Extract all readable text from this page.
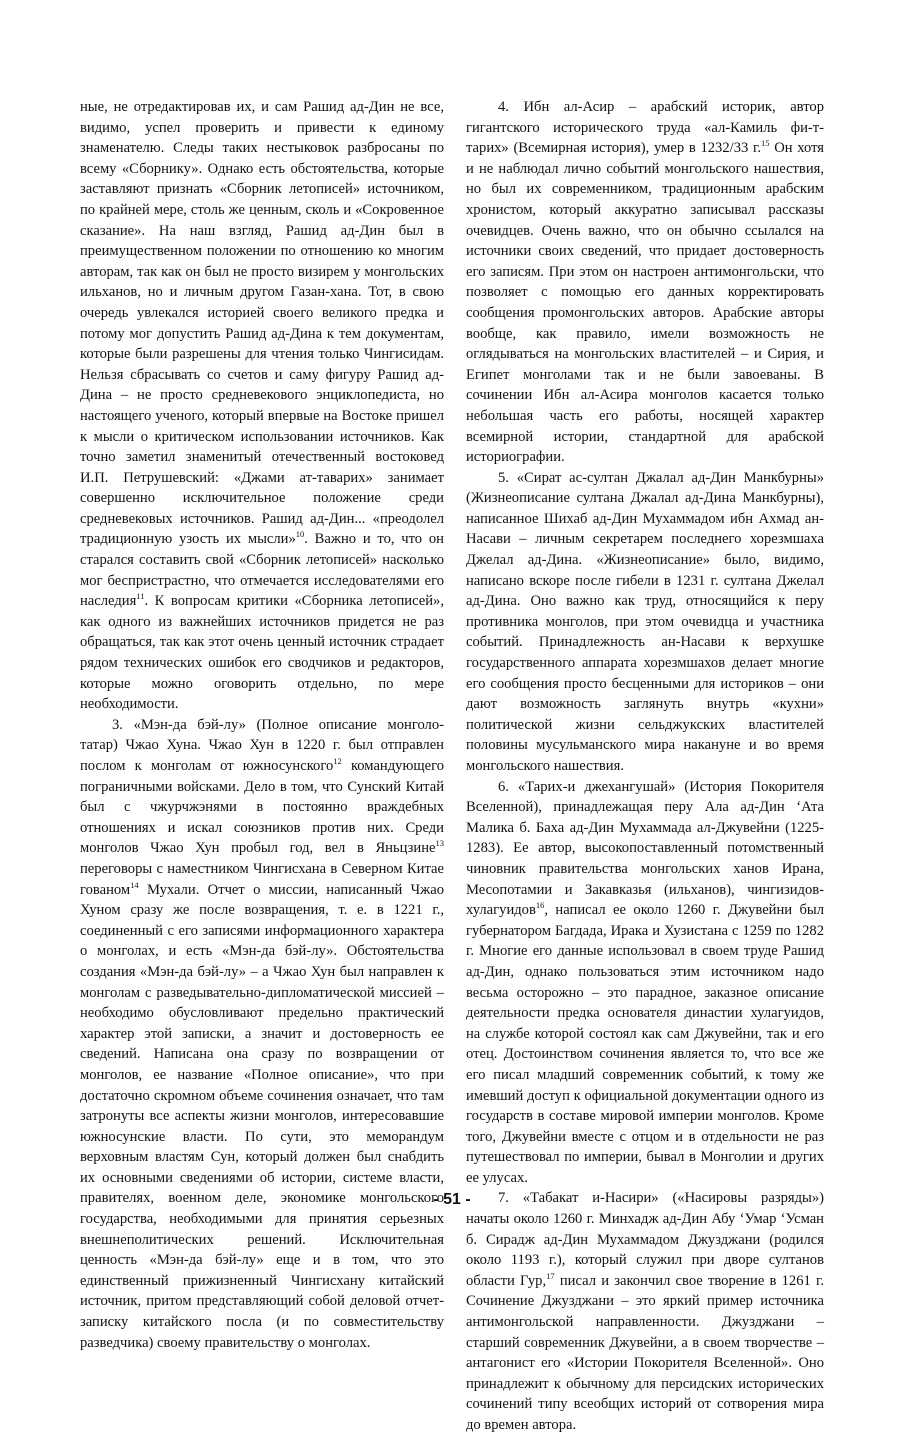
ные, не отредактировав их, и сам Рашид ад-Дин не все, видимо, успел проверить и привести к единому знаменателю. Следы таких нестыковок разбросаны по всему «Сборнику». Однако есть обстоятельства, которые заставляют признать «Сборник летописей» источником, по крайней мере, столь же ценным, сколь и «Сокровенное сказание». На наш взгляд, Рашид ад-Дин был в преимущественном положении по отношению ко многим авторам, так как он был не просто визирем у монгольских ильханов, но и личным другом Газан-хана. Тот, в свою очередь увлекался историей своего великого предка и потому мог допустить Рашид ад-Дина к тем документам, которые были разрешены для чтения только Чингисидам. Нельзя сбрасывать со счетов и саму фигуру Рашид ад-Дина – не просто средневекового энциклопедиста, но настоящего ученого, который впервые на Востоке пришел к мысли о критическом использовании источников. Как точно заметил знаменитый отечественный востоковед И.П. Петрушевский: «Джами ат-таварих» занимает совершенно исключительное положение среди средневековых источников. Рашид ад-Дин... «преодолел традиционную узость их мысли»$^{10}$. Важно и то, что он старался составить свой «Сборник летописей» насколько мог беспристрастно, что отмечается исследователями его наследия$^{11}$. К вопросам критики «Сборника летописей», как одного из важнейших источников придется не раз обращаться, так как этот очень ценный источник страдает рядом технических ошибок его сводчиков и редакторов, которые можно оговорить отдельно, по мере необходимости.

3. «Мэн-да бэй-лу» (Полное описание монголо-татар) Чжао Хуна. Чжао Хун в 1220 г. был отправлен послом к монголам от южносунского$^{12}$ командующего пограничными войсками. Дело в том, что Сунский Китай был с чжурчжэнями в постоянно враждебных отношениях и искал союзников против них. Среди монголов Чжао Хун пробыл год, вел в Яньцзине$^{13}$ переговоры с наместником Чингисхана в Северном Китае гованом$^{14}$ Мухали. Отчет о миссии, написанный Чжао Хуном сразу же после возвращения, т. е. в 1221 г., соединенный с его записями информационного характера о монголах, и есть «Мэн-да бэй-лу». Обстоятельства создания «Мэн-да бэй-лу» – а Чжао Хун был направлен к монголам с разведывательно-дипломатической миссией – необходимо обусловливают предельно практический характер этой записки, а значит и достоверность ее сведений. Написана она сразу по возвращении от монголов, ее название «Полное описание», что при достаточно скромном объеме сочинения означает, что там затронуты все аспекты жизни монголов, интересовавшие южносунские власти. По сути, это меморандум верховным властям Сун, который должен был снабдить их основными сведениями об истории, системе власти, правителях, военном деле, экономике монгольского государства, необходимыми для принятия серьезных внешнеполитических решений. Исключительная ценность «Мэн-да бэй-лу» еще и в том, что это единственный прижизненный Чингисхану китайский источник, притом представляющий собой деловой отчет-записку китайского посла (и по совместительству разведчика) своему правительству о монголах.

4. Ибн ал-Асир – арабский историк, автор гигантского исторического труда «ал-Камиль фи-т-тарих» (Всемирная история), умер в 1232/33 г.$^{15}$ Он хотя и не наблюдал лично событий монгольского нашествия, но был их современником, традиционным арабским хронистом, который аккуратно записывал рассказы очевидцев. Очень важно, что он обычно ссылался на источники своих сведений, что придает достоверность его записям. При этом он настроен антимонгольски, что позволяет с помощью его данных корректировать сообщения промонгольских авторов. Арабские авторы вообще, как правило, имели возможность не оглядываться на монгольских властителей – и Сирия, и Египет монголами так и не были завоеваны. В сочинении Ибн ал-Асира монголов касается только небольшая часть его работы, носящей характер всемирной истории, стандартной для арабской историографии.

5. «Сират ас-султан Джалал ад-Дин Манкбурны» (Жизнеописание султана Джалал ад-Дина Манкбурны), написанное Шихаб ад-Дин Мухаммадом ибн Ахмад ан-Насави – личным секретарем последнего хорезмшаха Джелал ад-Дина. «Жизнеописание» было, видимо, написано вскоре после гибели в 1231 г. султана Джелал ад-Дина. Оно важно как труд, относящийся к перу противника монголов, при этом очевидца и участника событий. Принадлежность ан-Насави к верхушке государственного аппарата хорезмшахов делает многие его сообщения просто бесценными для историков – они дают возможность заглянуть внутрь «кухни» политической жизни сельджукских властителей половины мусульманского мира накануне и во время монгольского нашествия.

6. «Тарих-и джехангушай» (История Покорителя Вселенной), принадлежащая перу Ала ад-Дин ‘Ата Малика б. Баха ад-Дин Мухаммада ал-Джувейни (1225-1283). Ее автор, высокопоставленный потомственный чиновник правительства монгольских ханов Ирана, Месопотамии и Закавказья (ильханов), чингизидов-хулагуидов$^{16}$, написал ее около 1260 г. Джувейни был губернатором Багдада, Ирака и Хузистана с 1259 по 1282 г. Многие его данные использовал в своем труде Рашид ад-Дин, однако пользоваться этим источником надо весьма осторожно – это парадное, заказное описание деятельности предка основателя династии хулагуидов, на службе которой состоял как сам Джувейни, так и его отец. Достоинством сочинения является то, что все же его писал младший современник событий, к тому же имевший доступ к официальной документации одного из государств в составе мировой империи монголов. Кроме того, Джувейни вместе с отцом и в отдельности не раз путешествовал по империи, бывал в Монголии и других ее улусах.

7. «Табакат и-Насири» («Насировы разряды») начаты около 1260 г. Минхадж ад-Дин Абу ‘Умар ‘Усман б. Сирадж ад-Дин Мухаммадом Джузджани (родился около 1193 г.), который служил при дворе султанов области Гур,$^{17}$ писал и закончил свое творение в 1261 г. Сочинение Джузджани – это яркий пример источника антимонгольской направленности. Джузджани – старший современник Джувейни, а в своем творчестве – антагонист его «Истории Покорителя Вселенной». Оно принадлежит к обычному для персидских исторических сочинений типу всеобщих историй от сотворения мира до времен автора.

- 51 -
